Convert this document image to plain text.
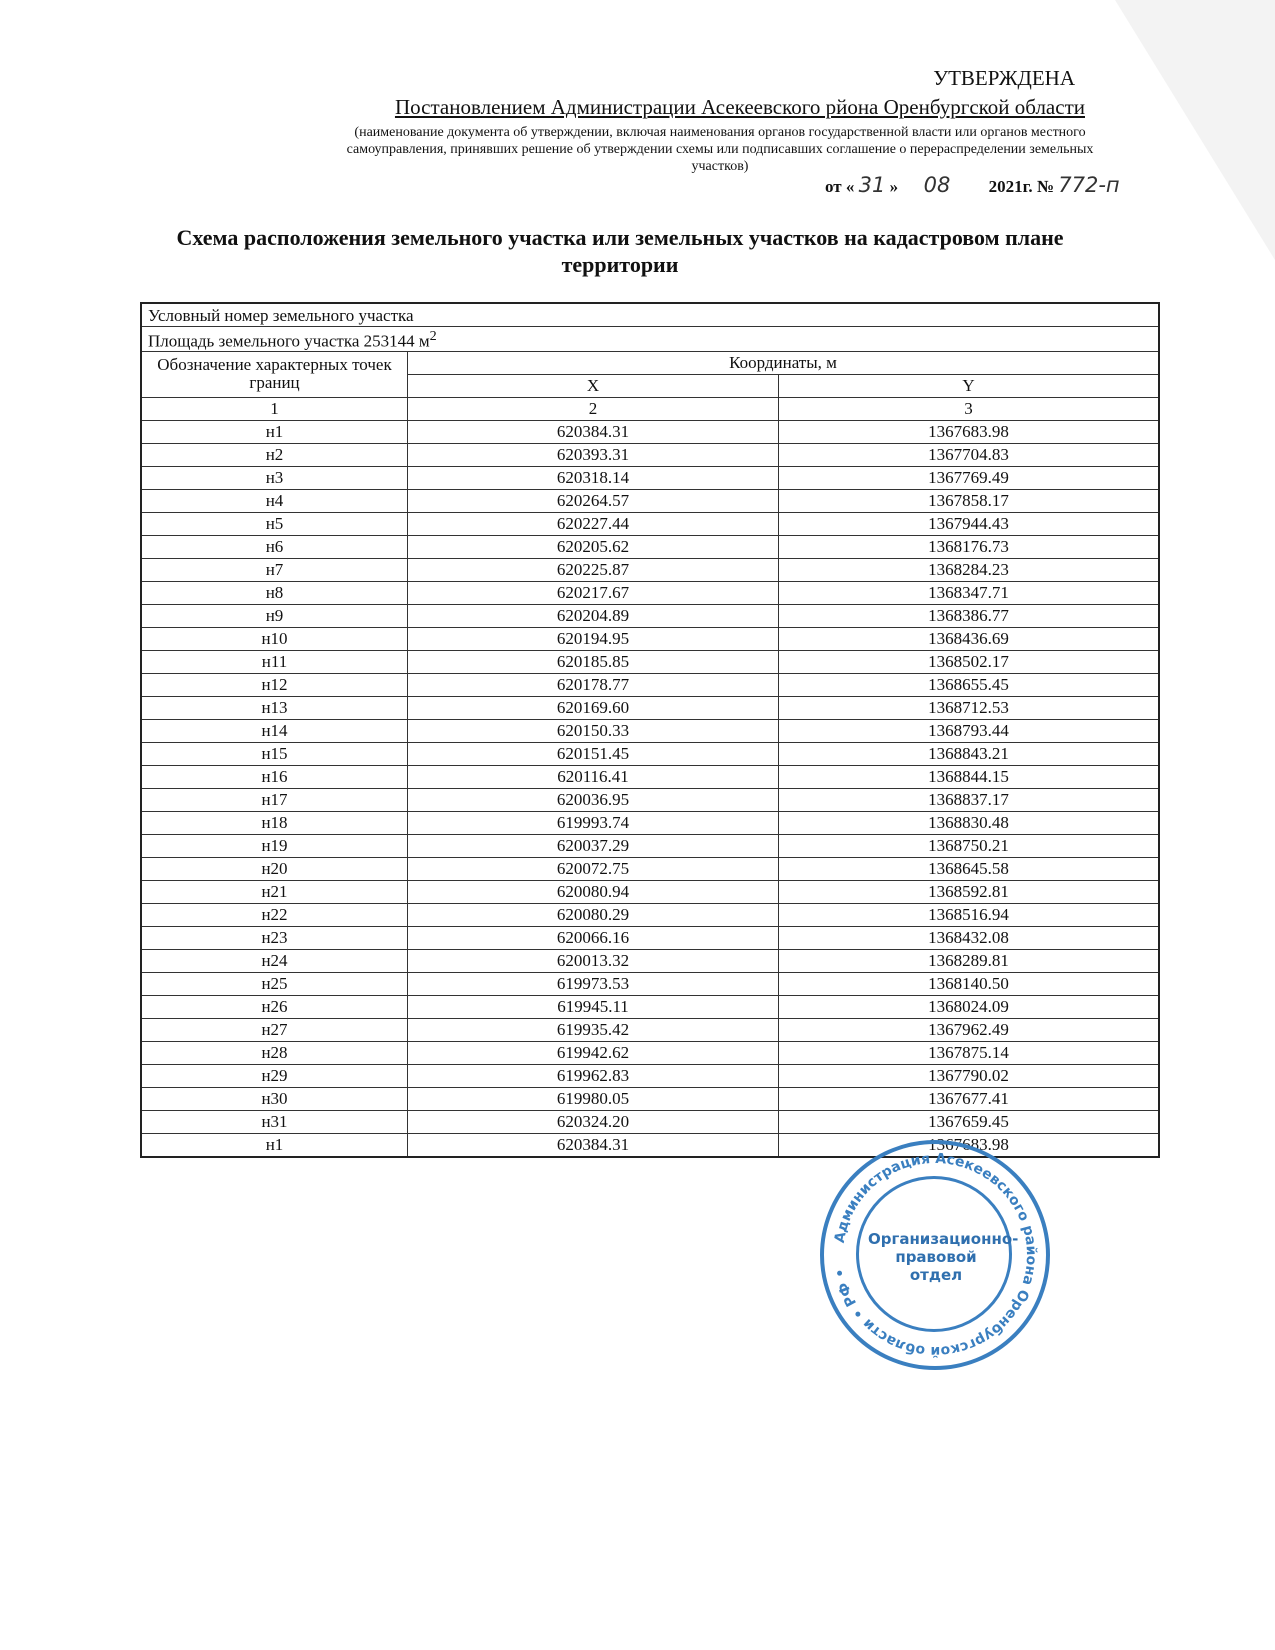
УТВЕРЖДЕНА
Постановлением Администрации Асекеевского рйона Оренбургской области
(наименование документа об утверждении, включая наименования органов государственной власти или органов местного самоуправления, принявших решение об утверждении схемы или подписавших соглашение о перераспределении земельных участков)
от « 31 » 08 2021г. № 772-п
Схема расположения земельного участка или земельных участков на кадастровом плане территории
Условный номер земельного участка		
Площадь земельного участка 253144 $м^2$
Обозначение характерных точек границ	Координаты, м	
	X	Y
1	2	3
н1	620384.31	1367683.98
н2	620393.31	1367704.83
н3	620318.14	1367769.49
н4	620264.57	1367858.17
н5	620227.44	1367944.43
н6	620205.62	1368176.73
н7	620225.87	1368284.23
н8	620217.67	1368347.71
н9	620204.89	1368386.77
н10	620194.95	1368436.69
н11	620185.85	1368502.17
н12	620178.77	1368655.45
н13	620169.60	1368712.53
н14	620150.33	1368793.44
н15	620151.45	1368843.21
н16	620116.41	1368844.15
н17	620036.95	1368837.17
н18	619993.74	1368830.48
н19	620037.29	1368750.21
н20	620072.75	1368645.58
н21	620080.94	1368592.81
н22	620080.29	1368516.94
н23	620066.16	1368432.08
н24	620013.32	1368289.81
н25	619973.53	1368140.50
н26	619945.11	1368024.09
н27	619935.42	1367962.49
н28	619942.62	1367875.14
н29	619962.83	1367790.02
н30	619980.05	1367677.41
н31	620324.20	1367659.45
н1	620384.31	1367683.98
Администрация Асекеевского района Оренбургской области • РФ •
Организационно-правовой отдел
